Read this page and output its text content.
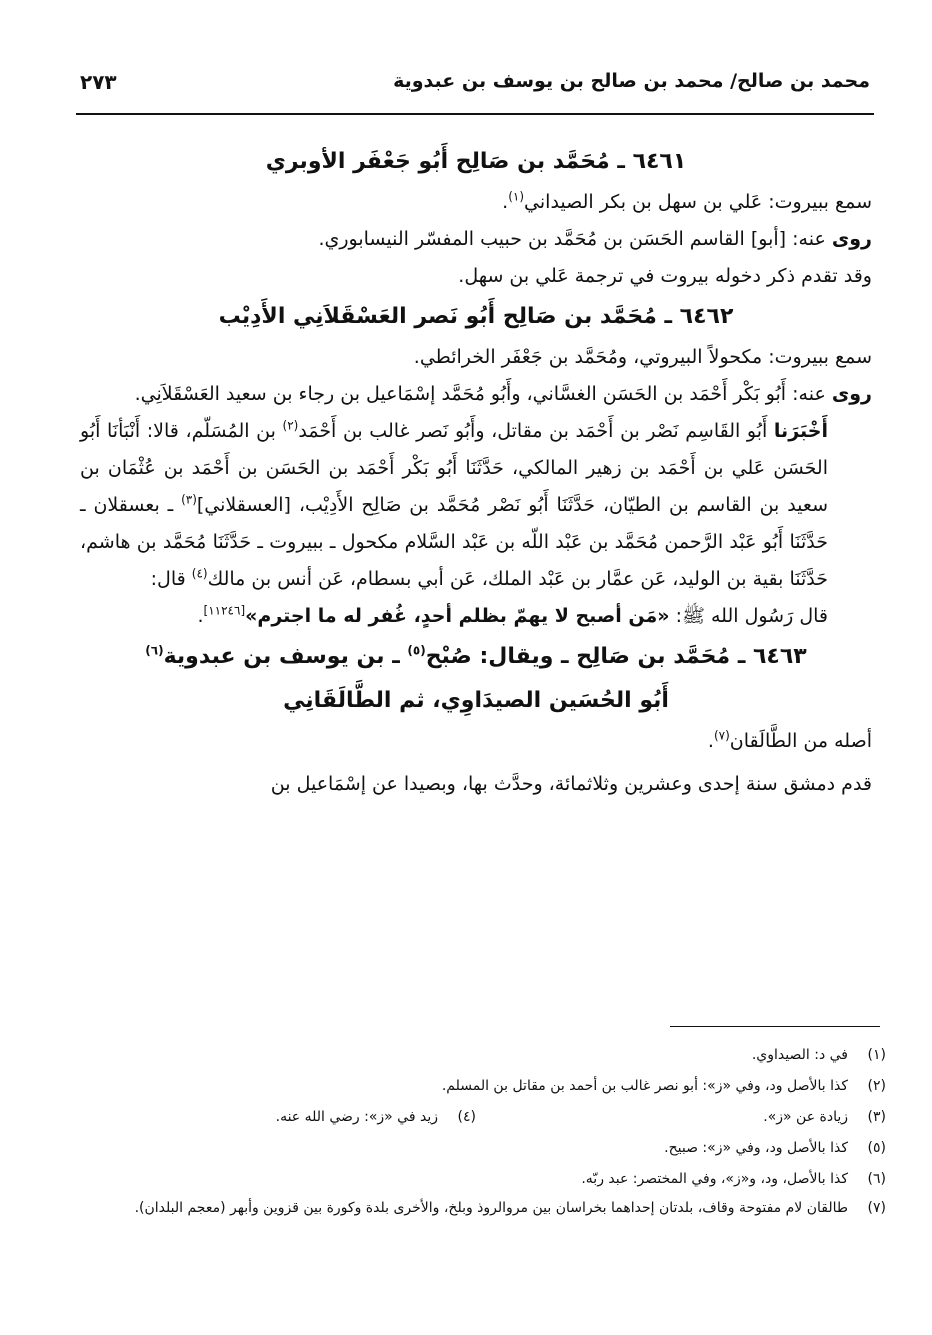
محمد بن صالح/ محمد بن صالح بن يوسف بن عبدوية
٢٧٣
٦٤٦١ ـ مُحَمَّد بن صَالِح أَبُو جَعْفَر الأوبري

سمع ببيروت: عَلي بن سهل بن بكر الصيداني$^{(١)}$.

روى عنه: [أبو] القاسم الحَسَن بن مُحَمَّد بن حبيب المفسّر النيسابوري.

وقد تقدم ذكر دخوله بيروت في ترجمة عَلي بن سهل.

٦٤٦٢ ـ مُحَمَّد بن صَالِح أَبُو نَصر العَسْقَلاَنِي الأَدِيْب

سمع ببيروت: مكحولاً البيروتي، ومُحَمَّد بن جَعْفَر الخرائطي.

روى عنه: أَبُو بَكْر أَحْمَد بن الحَسَن الغسَّاني، وأَبُو مُحَمَّد إسْمَاعيل بن رجاء بن سعيد العَسْقَلاَنِي.

أَخْبَرَنا أَبُو القَاسِم نَصْر بن أَحْمَد بن مقاتل، وأَبُو نَصر غالب بن أَحْمَد$^{(٢)}$ بن المُسَلّم، قالا: أَنْبَأنَا أَبُو الحَسَن عَلي بن أَحْمَد بن زهير المالكي، حَدَّثَنَا أَبُو بَكْر أَحْمَد بن الحَسَن بن أَحْمَد بن عُثْمَان بن سعيد بن القاسم بن الطيّان، حَدَّثَنَا أَبُو نَصْر مُحَمَّد بن صَالِح الأَدِيْب، [العسقلاني]$^{(٣)}$ ـ بعسقلان ـ حَدَّثَنَا أَبُو عَبْد الرَّحمن مُحَمَّد بن عَبْد اللّه بن عَبْد السَّلام مكحول ـ ببيروت ـ حَدَّثَنَا مُحَمَّد بن هاشم، حَدَّثَنَا بقية بن الوليد، عَن عمَّار بن عَبْد الملك، عَن أبي بسطام، عَن أنس بن مالك$^{(٤)}$ قال:

قال رَسُول الله ﷺ: «مَن أصبح لا يهمّ بظلم أحدٍ، غُفر له ما اجترم»[١١٢٤٦].

٦٤٦٣ ـ مُحَمَّد بن صَالِح ـ ويقال: صُبْح$^{(٥)}$ ـ بن يوسف بن عبدوية$^{(٦)}$
أَبُو الحُسَين الصيدَاوِي، ثم الطَّالَقَانِي

أصله من الطَّالَقان$^{(٧)}$.

قدم دمشق سنة إحدى وعشرين وثلاثمائة، وحدَّث بها، وبصيدا عن إسْمَاعيل بن

(١)
في د: الصيداوي.

(٢)
كذا بالأصل ود، وفي «ز»: أبو نصر غالب بن أحمد بن مقاتل بن المسلم.

(٣)
زيادة عن «ز».

(٤)
زيد في «ز»: رضي الله عنه.

(٥)
كذا بالأصل ود، وفي «ز»: صبيح.

(٦)
كذا بالأصل، ود، و«ز»، وفي المختصر: عبد ربّه.

(٧)
طالقان لام مفتوحة وقاف، بلدتان إحداهما بخراسان بين مروالروذ وبلخ، والأخرى بلدة وكورة بين قزوين وأبهر (معجم البلدان).
